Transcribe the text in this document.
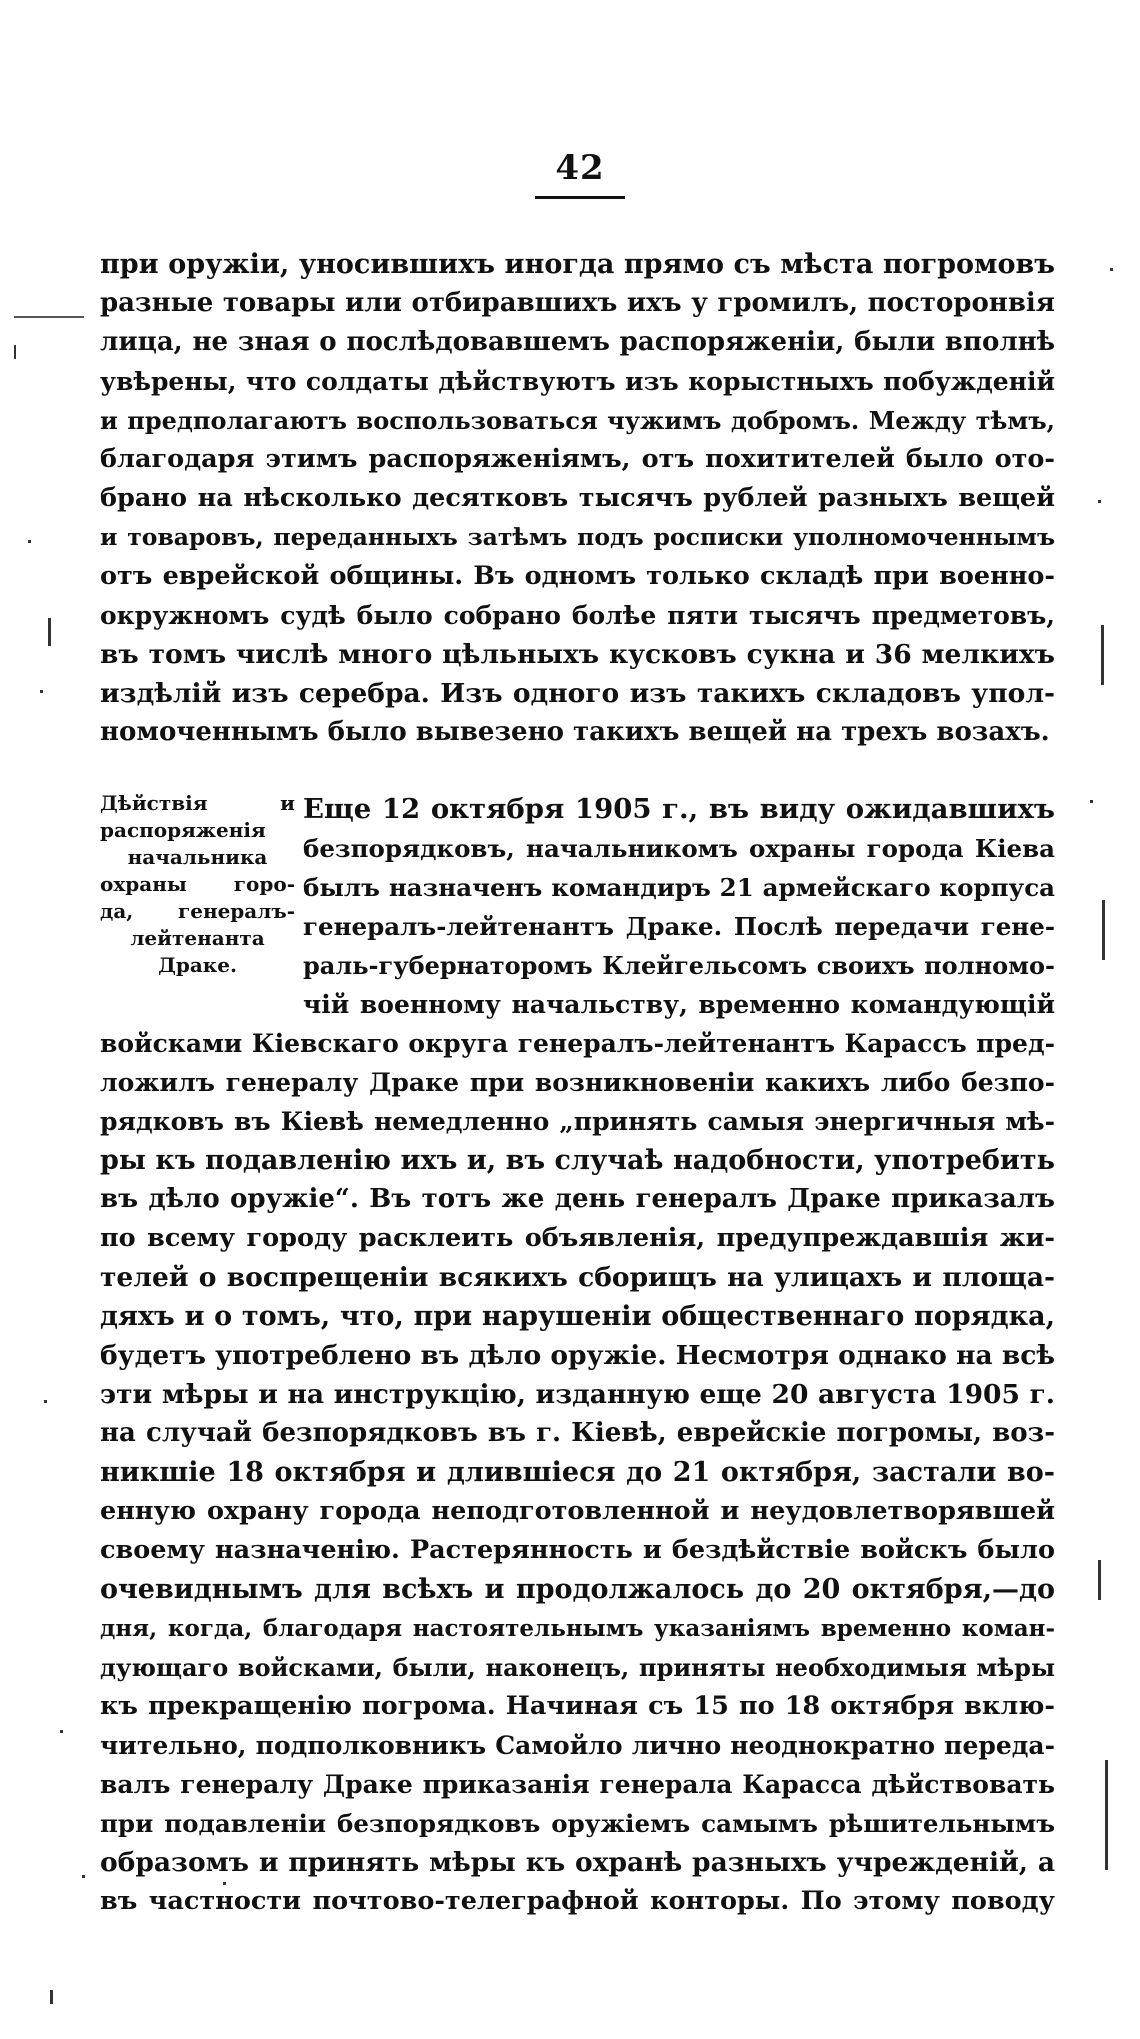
42
при оружіи, уносившихъ иногда прямо съ мѣста погромовъ
разные товары или отбиравшихъ ихъ у громилъ, посторонвія
лица, не зная о послѣдовавшемъ распоряженіи, были вполнѣ
увѣрены, что солдаты дѣйствуютъ изъ корыстныхъ побужденій
и предполагаютъ воспользоваться чужимъ добромъ. Между тѣмъ,
благодаря этимъ распоряженіямъ, отъ похитителей было ото-
брано на нѣсколько десятковъ тысячъ рублей разныхъ вещей
и товаровъ, переданныхъ затѣмъ подъ росписки уполномоченнымъ
отъ еврейской общины. Въ одномъ только складѣ при военно-
окружномъ судѣ было собрано болѣе пяти тысячъ предметовъ,
въ томъ числѣ много цѣльныхъ кусковъ сукна и 36 мелкихъ
издѣлій изъ серебра. Изъ одного изъ такихъ складовъ упол-
номоченнымъ было вывезено такихъ вещей на трехъ возахъ.
Дѣйствія и
распоряженія
начальника
охраны горо-
да, генералъ-
лейтенанта
Драке.
Еще 12 октября 1905 г., въ виду ожидавшихъ
безпорядковъ, начальникомъ охраны города Кіева
былъ назначенъ командиръ 21 армейскаго корпуса
генералъ-лейтенантъ Драке. Послѣ передачи гене-
раль-губернаторомъ Клейгельсомъ своихъ полномо-
чій военному начальству, временно командующій
войсками Кіевскаго округа генералъ-лейтенантъ Карассъ пред-
ложилъ генералу Драке при возникновеніи какихъ либо безпо-
рядковъ въ Кіевѣ немедленно „принять самыя энергичныя мѣ-
ры къ подавленію ихъ и, въ случаѣ надобности, употребить
въ дѣло оружіе“. Въ тотъ же день генералъ Драке приказалъ
по всему городу расклеить объявленія, предупреждавшія жи-
телей о воспрещеніи всякихъ сборищъ на улицахъ и площа-
дяхъ и о томъ, что, при нарушеніи общественнаго порядка,
будетъ употреблено въ дѣло оружіе. Несмотря однако на всѣ
эти мѣры и на инструкцію, изданную еще 20 августа 1905 г.
на случай безпорядковъ въ г. Кіевѣ, еврейскіе погромы, воз-
никшіе 18 октября и длившіеся до 21 октября, застали во-
енную охрану города неподготовленной и неудовлетворявшей
своему назначенію. Растерянность и бездѣйствіе войскъ было
очевиднымъ для всѣхъ и продолжалось до 20 октября,—до
дня, когда, благодаря настоятельнымъ указаніямъ временно коман-
дующаго войсками, были, наконецъ, приняты необходимыя мѣры
къ прекращенію погрома. Начиная съ 15 по 18 октября вклю-
чительно, подполковникъ Самойло лично неоднократно переда-
валъ генералу Драке приказанія генерала Карасса дѣйствовать
при подавленіи безпорядковъ оружіемъ самымъ рѣшительнымъ
образомъ и принять мѣры къ охранѣ разныхъ учрежденій, а
въ частности почтово-телеграфной конторы. По этому поводу
